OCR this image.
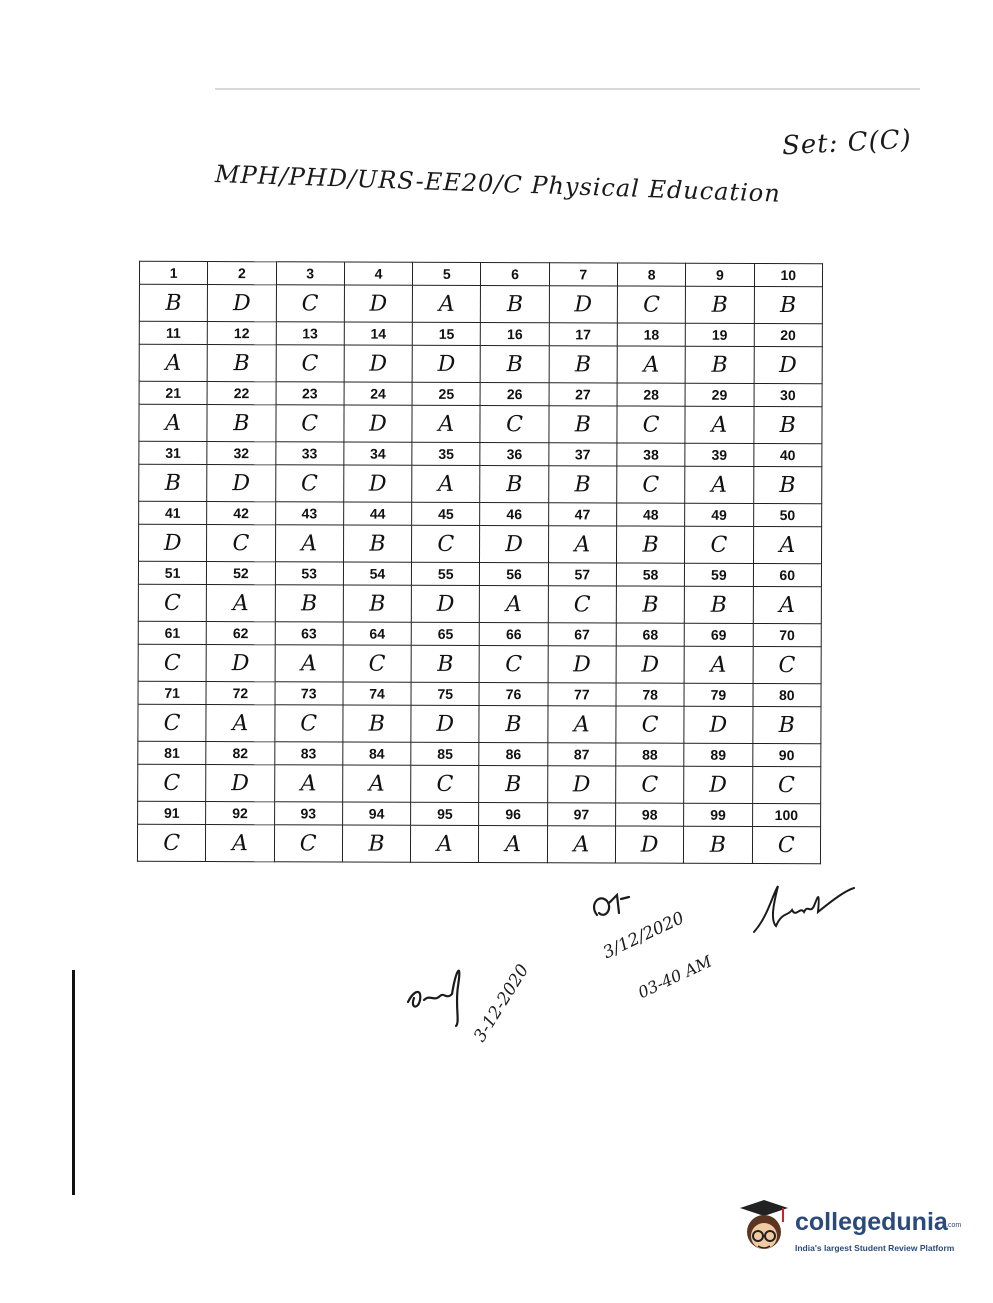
Set: C(C)
MPH/PHD/URS-EE20/C Physical Education
1	2	3	4	5	6	7	8	9	10
B	D	C	D	A	B	D	C	B	B
11	12	13	14	15	16	17	18	19	20
A	B	C	D	D	B	B	A	B	D
21	22	23	24	25	26	27	28	29	30
A	B	C	D	A	C	B	C	A	B
31	32	33	34	35	36	37	38	39	40
B	D	C	D	A	B	B	C	A	B
41	42	43	44	45	46	47	48	49	50
D	C	A	B	C	D	A	B	C	A
51	52	53	54	55	56	57	58	59	60
C	A	B	B	D	A	C	B	B	A
61	62	63	64	65	66	67	68	69	70
C	D	A	C	B	C	D	D	A	C
71	72	73	74	75	76	77	78	79	80
C	A	C	B	D	B	A	C	D	B
81	82	83	84	85	86	87	88	89	90
C	D	A	A	C	B	D	C	D	C
91	92	93	94	95	96	97	98	99	100
C	A	C	B	A	A	A	D	B	C
3-12-2020
3/12/2020
03-40 AM
collegedunia
.com
India's largest Student Review Platform
